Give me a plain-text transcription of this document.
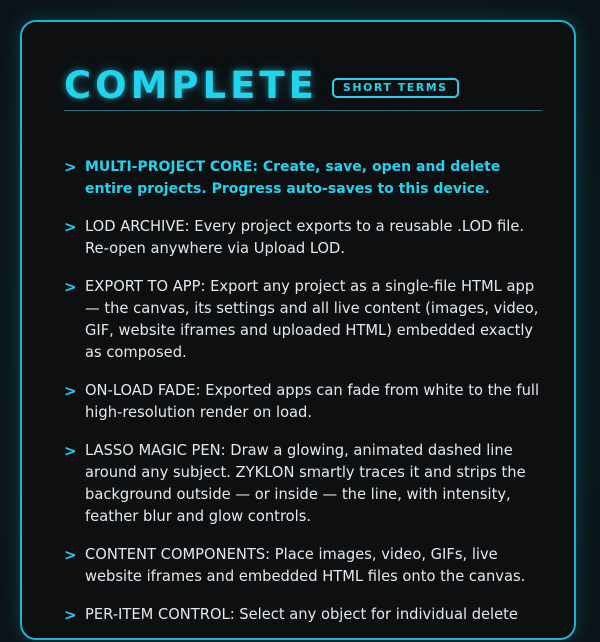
COMPLETE	SHORT TERMS
> MULTI-PROJECT CORE: Create, save, open and delete entire projects. Progress auto-saves to this device.
> LOD ARCHIVE: Every project exports to a reusable .LOD file. Re-open anywhere via Upload LOD.
> EXPORT TO APP: Export any project as a single-file HTML app — the canvas, its settings and all live content (images, video, GIF, website iframes and uploaded HTML) embedded exactly as composed.
> ON-LOAD FADE: Exported apps can fade from white to the full high-resolution render on load.
> LASSO MAGIC PEN: Draw a glowing, animated dashed line around any subject. ZYKLON smartly traces it and strips the background outside — or inside — the line, with intensity, feather blur and glow controls.
> CONTENT COMPONENTS: Place images, video, GIFs, live website iframes and embedded HTML files onto the canvas.
> PER-ITEM CONTROL: Select any object for individual delete
